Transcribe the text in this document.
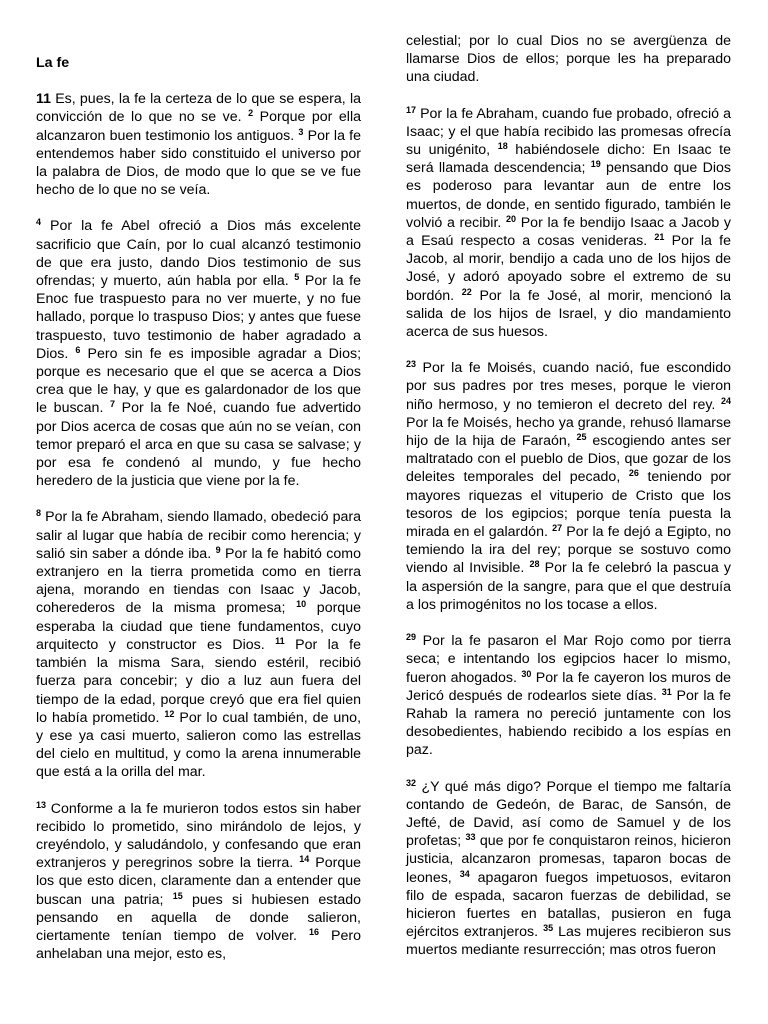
La fe
11 Es, pues, la fe la certeza de lo que se espera, la convicción de lo que no se ve. $^2$ Porque por ella alcanzaron buen testimonio los antiguos. $^3$ Por la fe entendemos haber sido constituido el universo por la palabra de Dios, de modo que lo que se ve fue hecho de lo que no se veía.
$^4$ Por la fe Abel ofreció a Dios más excelente sacrificio que Caín, por lo cual alcanzó testimonio de que era justo, dando Dios testimonio de sus ofrendas; y muerto, aún habla por ella. $^5$ Por la fe Enoc fue traspuesto para no ver muerte, y no fue hallado, porque lo traspuso Dios; y antes que fuese traspuesto, tuvo testimonio de haber agradado a Dios. $^6$ Pero sin fe es imposible agradar a Dios; porque es necesario que el que se acerca a Dios crea que le hay, y que es galardonador de los que le buscan. $^7$ Por la fe Noé, cuando fue advertido por Dios acerca de cosas que aún no se veían, con temor preparó el arca en que su casa se salvase; y por esa fe condenó al mundo, y fue hecho heredero de la justicia que viene por la fe.
$^8$ Por la fe Abraham, siendo llamado, obedeció para salir al lugar que había de recibir como herencia; y salió sin saber a dónde iba. $^9$ Por la fe habitó como extranjero en la tierra prometida como en tierra ajena, morando en tiendas con Isaac y Jacob, coherederos de la misma promesa; $^{10}$ porque esperaba la ciudad que tiene fundamentos, cuyo arquitecto y constructor es Dios. $^{11}$ Por la fe también la misma Sara, siendo estéril, recibió fuerza para concebir; y dio a luz aun fuera del tiempo de la edad, porque creyó que era fiel quien lo había prometido. $^{12}$ Por lo cual también, de uno, y ese ya casi muerto, salieron como las estrellas del cielo en multitud, y como la arena innumerable que está a la orilla del mar.
$^{13}$ Conforme a la fe murieron todos estos sin haber recibido lo prometido, sino mirándolo de lejos, y creyéndolo, y saludándolo, y confesando que eran extranjeros y peregrinos sobre la tierra. $^{14}$ Porque los que esto dicen, claramente dan a entender que buscan una patria; $^{15}$ pues si hubiesen estado pensando en aquella de donde salieron, ciertamente tenían tiempo de volver. $^{16}$ Pero anhelaban una mejor, esto es,
celestial; por lo cual Dios no se avergüenza de llamarse Dios de ellos; porque les ha preparado una ciudad.
$^{17}$ Por la fe Abraham, cuando fue probado, ofreció a Isaac; y el que había recibido las promesas ofrecía su unigénito, $^{18}$ habiéndosele dicho: En Isaac te será llamada descendencia; $^{19}$ pensando que Dios es poderoso para levantar aun de entre los muertos, de donde, en sentido figurado, también le volvió a recibir. $^{20}$ Por la fe bendijo Isaac a Jacob y a Esaú respecto a cosas venideras. $^{21}$ Por la fe Jacob, al morir, bendijo a cada uno de los hijos de José, y adoró apoyado sobre el extremo de su bordón. $^{22}$ Por la fe José, al morir, mencionó la salida de los hijos de Israel, y dio mandamiento acerca de sus huesos.
$^{23}$ Por la fe Moisés, cuando nació, fue escondido por sus padres por tres meses, porque le vieron niño hermoso, y no temieron el decreto del rey. $^{24}$ Por la fe Moisés, hecho ya grande, rehusó llamarse hijo de la hija de Faraón, $^{25}$ escogiendo antes ser maltratado con el pueblo de Dios, que gozar de los deleites temporales del pecado, $^{26}$ teniendo por mayores riquezas el vituperio de Cristo que los tesoros de los egipcios; porque tenía puesta la mirada en el galardón. $^{27}$ Por la fe dejó a Egipto, no temiendo la ira del rey; porque se sostuvo como viendo al Invisible. $^{28}$ Por la fe celebró la pascua y la aspersión de la sangre, para que el que destruía a los primogénitos no los tocase a ellos.
$^{29}$ Por la fe pasaron el Mar Rojo como por tierra seca; e intentando los egipcios hacer lo mismo, fueron ahogados. $^{30}$ Por la fe cayeron los muros de Jericó después de rodearlos siete días. $^{31}$ Por la fe Rahab la ramera no pereció juntamente con los desobedientes, habiendo recibido a los espías en paz.
$^{32}$ ¿Y qué más digo? Porque el tiempo me faltaría contando de Gedeón, de Barac, de Sansón, de Jefté, de David, así como de Samuel y de los profetas; $^{33}$ que por fe conquistaron reinos, hicieron justicia, alcanzaron promesas, taparon bocas de leones, $^{34}$ apagaron fuegos impetuosos, evitaron filo de espada, sacaron fuerzas de debilidad, se hicieron fuertes en batallas, pusieron en fuga ejércitos extranjeros. $^{35}$ Las mujeres recibieron sus muertos mediante resurrección; mas otros fueron
